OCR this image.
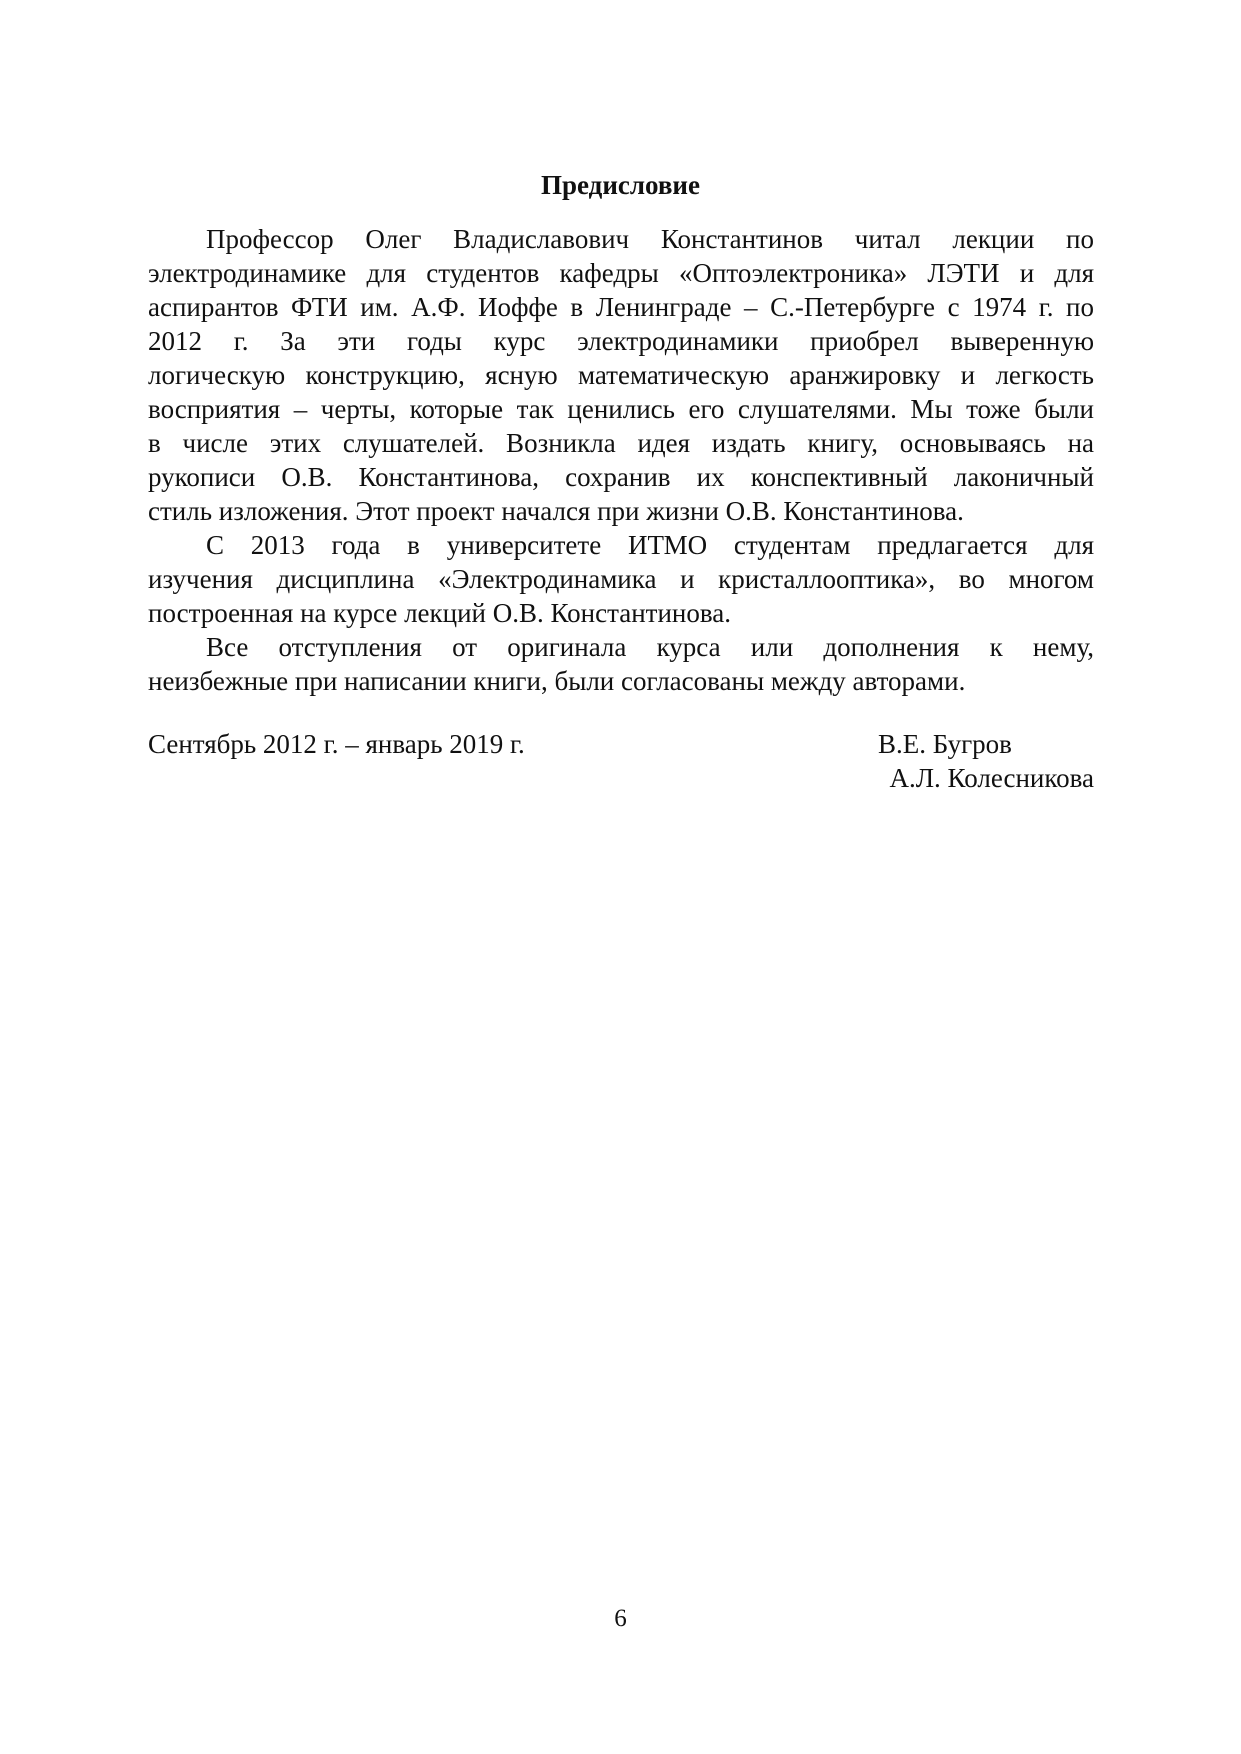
Предисловие
Профессор Олег Владиславович Константинов читал лекции по
электродинамике для студентов кафедры «Оптоэлектроника» ЛЭТИ и для
аспирантов ФТИ им. А.Ф. Иоффе в Ленинграде – С.-Петербурге с 1974 г. по
2012 г. За эти годы курс электродинамики приобрел выверенную
логическую конструкцию, ясную математическую аранжировку и легкость
восприятия – черты, которые так ценились его слушателями. Мы тоже были
в числе этих слушателей. Возникла идея издать книгу, основываясь на
рукописи О.В. Константинова, сохранив их конспективный лаконичный
стиль изложения. Этот проект начался при жизни О.В. Константинова.
С 2013 года в университете ИТМО студентам предлагается для
изучения дисциплина «Электродинамика и кристаллооптика», во многом
построенная на курсе лекций О.В. Константинова.
Все отступления от оригинала курса или дополнения к нему,
неизбежные при написании книги, были согласованы между авторами.
Сентябрь 2012 г. – январь 2019 г.	В.Е. Бугров
А.Л. Колесникова
6
